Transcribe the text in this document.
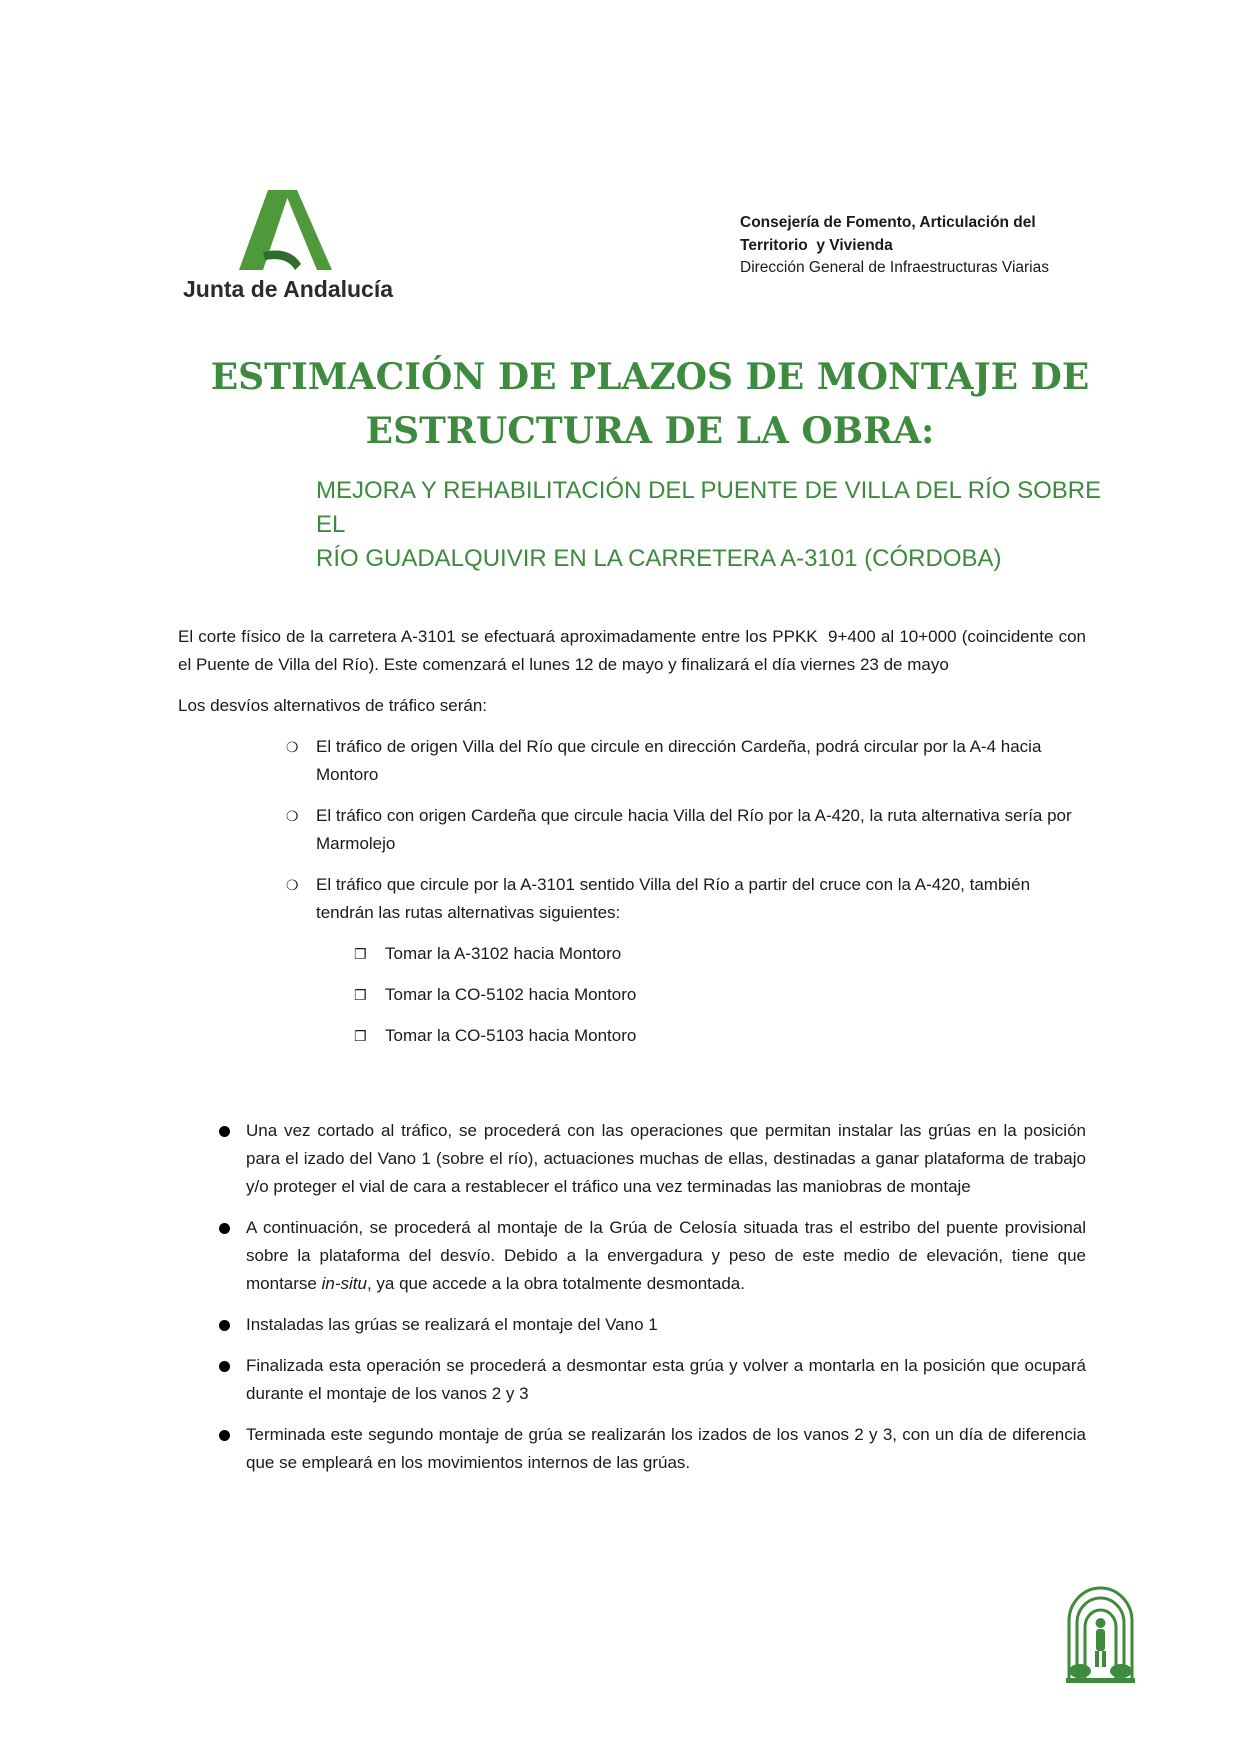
Junta de Andalucía
Consejería de Fomento, Articulación del
Territorio  y Vivienda
Dirección General de Infraestructuras Viarias
ESTIMACIÓN DE PLAZOS DE MONTAJE DE
ESTRUCTURA DE LA OBRA:
MEJORA Y REHABILITACIÓN DEL PUENTE DE VILLA DEL RÍO SOBRE EL
RÍO GUADALQUIVIR EN LA CARRETERA A-3101 (CÓRDOBA)

El corte físico de la carretera A-3101 se efectuará aproximadamente entre los PPKK  9+400 al 10+000 (coincidente con el Puente de Villa del Río). Este comenzará el lunes 12 de mayo y finalizará el día viernes 23 de mayo

Los desvíos alternativos de tráfico serán:

❍ El tráfico de origen Villa del Río que circule en dirección Cardeña, podrá circular por la A-4 hacia Montoro
❍ El tráfico con origen Cardeña que circule hacia Villa del Río por la A-420, la ruta alternativa sería por Marmolejo
❍ El tráfico que circule por la A-3101 sentido Villa del Río a partir del cruce con la A-420, también tendrán las rutas alternativas siguientes:
❒ Tomar la A-3102 hacia Montoro
❒ Tomar la CO-5102 hacia Montoro
❒ Tomar la CO-5103 hacia Montoro
Una vez cortado al tráfico, se procederá con las operaciones que permitan instalar las grúas en la posición para el izado del Vano 1 (sobre el río), actuaciones muchas de ellas, destinadas a ganar plataforma de trabajo y/o proteger el vial de cara a restablecer el tráfico una vez terminadas las maniobras de montaje
A continuación, se procederá al montaje de la Grúa de Celosía situada tras el estribo del puente provisional sobre la plataforma del desvío. Debido a la envergadura y peso de este medio de elevación, tiene que montarse in-situ, ya que accede a la obra totalmente desmontada.
Instaladas las grúas se realizará el montaje del Vano 1
Finalizada esta operación se procederá a desmontar esta grúa y volver a montarla en la posición que ocupará durante el montaje de los vanos 2 y 3
Terminada este segundo montaje de grúa se realizarán los izados de los vanos 2 y 3, con un día de diferencia que se empleará en los movimientos internos de las grúas.
